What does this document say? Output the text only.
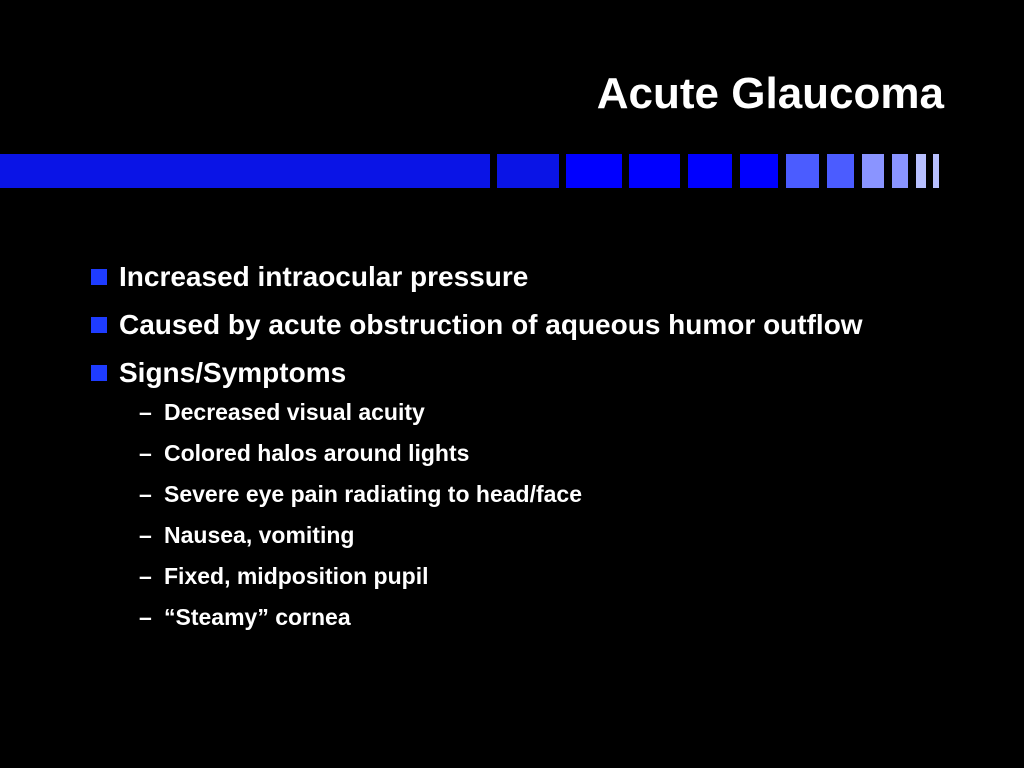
Acute Glaucoma
Increased intraocular pressure
Caused by acute obstruction of aqueous humor outflow
Signs/Symptoms
– Decreased visual acuity
– Colored halos around lights
– Severe eye pain radiating to head/face
– Nausea, vomiting
– Fixed, midposition pupil
– “Steamy” cornea
